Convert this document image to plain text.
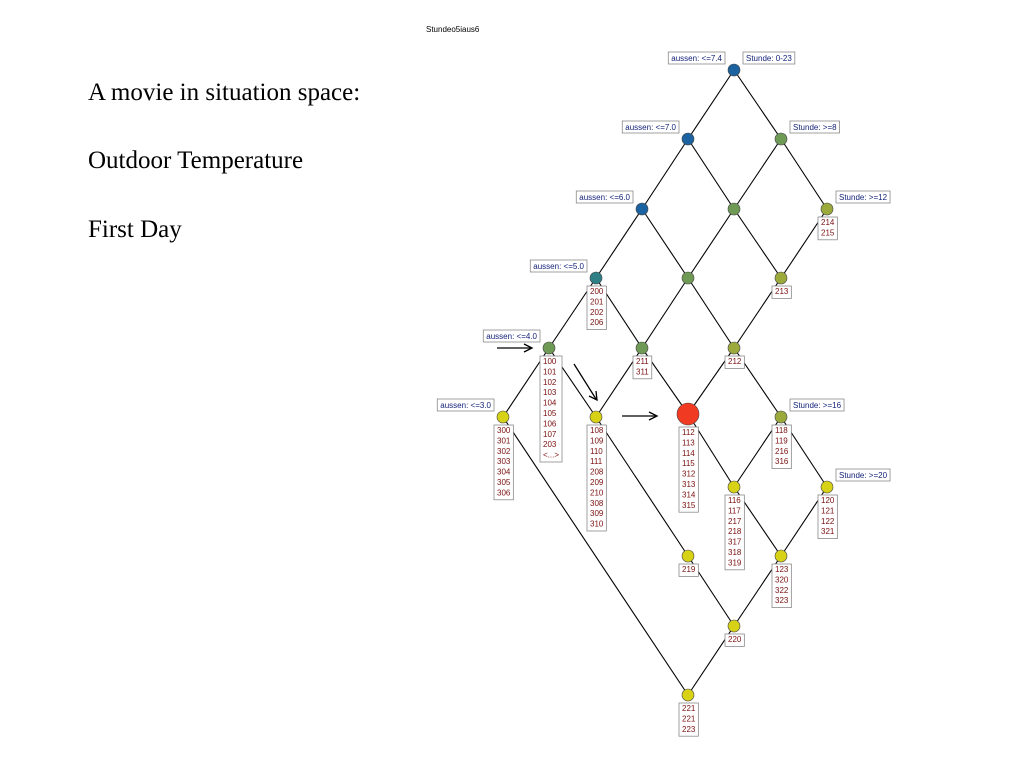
A movie in situation space:
Outdoor Temperature
First Day
Stundeo5iaus6
Stunde: 0-23
aussen: <=7.4
aussen: <=7.0	Stunde: >=8
aussen: <=6.0	Stunde: >=12
aussen: <=5.0
aussen: <=4.0
aussen: <=3.0	Stunde: >=16
Stunde: >=20
214
215
213
200
201
202
206
100
101
102
103
104
105
106
107
203
<...>
211
311
212
300
301
302
303
304
305
306
108
109
110
111
208
209
210
308
309
310
112
113
114
115
312
313
314
315
118
119
216
316
116
117
217
218
317
318
319
120
121
122
321
219	123
320
322
323
220
221
221
223
